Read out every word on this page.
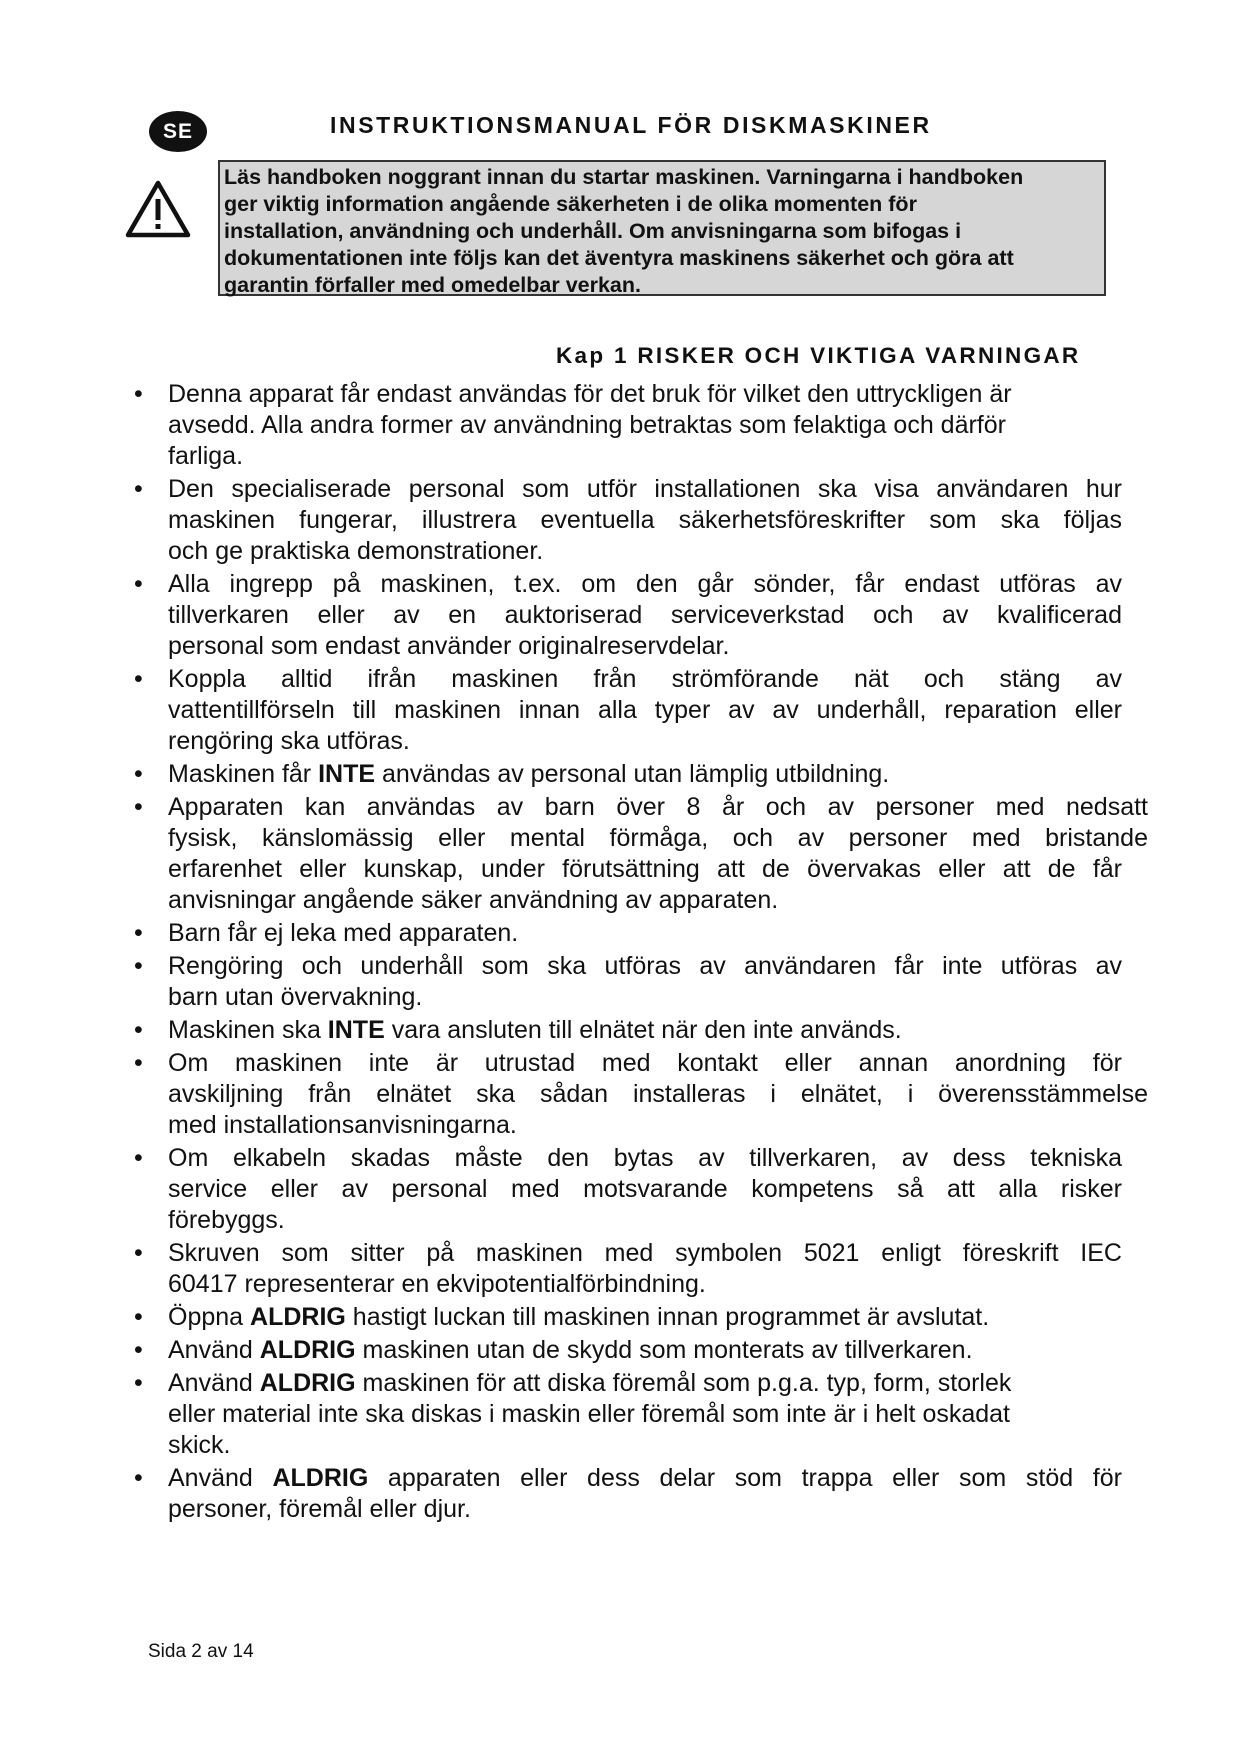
SE	INSTRUKTIONSMANUAL FÖR DISKMASKINER
Läs handboken noggrant innan du startar maskinen. Varningarna i handboken
ger viktig information angående säkerheten i de olika momenten för
installation, användning och underhåll. Om anvisningarna som bifogas i
dokumentationen inte följs kan det äventyra maskinens säkerhet och göra att
garantin förfaller med omedelbar verkan.
Kap 1 RISKER OCH VIKTIGA VARNINGAR
• Denna apparat får endast användas för det bruk för vilket den uttryckligen är
avsedd. Alla andra former av användning betraktas som felaktiga och därför
farliga.
• Den specialiserade personal som utför installationen ska visa användaren hur
maskinen fungerar, illustrera eventuella säkerhetsföreskrifter som ska följas
och ge praktiska demonstrationer.
• Alla ingrepp på maskinen, t.ex. om den går sönder, får endast utföras av
tillverkaren eller av en auktoriserad serviceverkstad och av kvalificerad
personal som endast använder originalreservdelar.
• Koppla alltid ifrån maskinen från strömförande nät och stäng av
vattentillförseln till maskinen innan alla typer av av underhåll, reparation eller
rengöring ska utföras.
• Maskinen får INTE användas av personal utan lämplig utbildning.
• Apparaten kan användas av barn över 8 år och av personer med nedsatt
fysisk, känslomässig eller mental förmåga, och av personer med bristande
erfarenhet eller kunskap, under förutsättning att de övervakas eller att de får
anvisningar angående säker användning av apparaten.
• Barn får ej leka med apparaten.
• Rengöring och underhåll som ska utföras av användaren får inte utföras av
barn utan övervakning.
• Maskinen ska INTE vara ansluten till elnätet när den inte används.
• Om maskinen inte är utrustad med kontakt eller annan anordning för
avskiljning från elnätet ska sådan installeras i elnätet, i överensstämmelse
med installationsanvisningarna.
• Om elkabeln skadas måste den bytas av tillverkaren, av dess tekniska
service eller av personal med motsvarande kompetens så att alla risker
förebyggs.
• Skruven som sitter på maskinen med symbolen 5021 enligt föreskrift IEC
60417 representerar en ekvipotentialförbindning.
• Öppna ALDRIG hastigt luckan till maskinen innan programmet är avslutat.
• Använd ALDRIG maskinen utan de skydd som monterats av tillverkaren.
• Använd ALDRIG maskinen för att diska föremål som p.g.a. typ, form, storlek
eller material inte ska diskas i maskin eller föremål som inte är i helt oskadat
skick.
• Använd ALDRIG apparaten eller dess delar som trappa eller som stöd för
personer, föremål eller djur.
Sida 2 av 14
